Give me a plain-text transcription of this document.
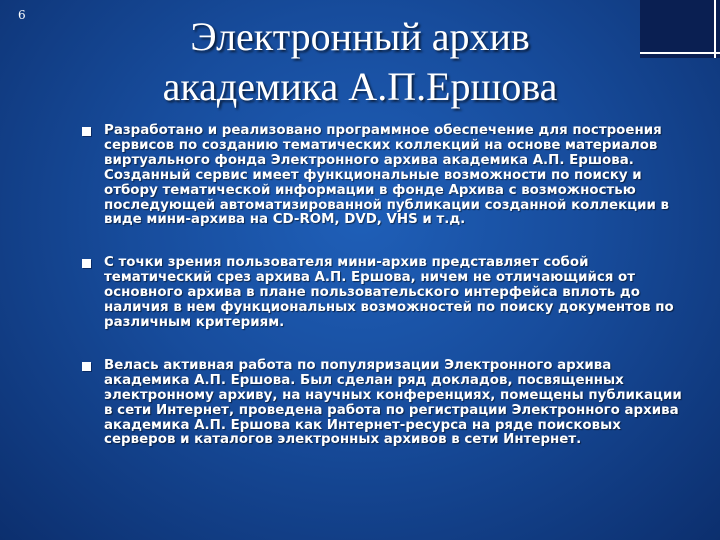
6	Электронный архив
академика А.П.Ершова
Разработано и реализовано программное обеспечение для построения сервисов по созданию тематических коллекций на основе материалов виртуального фонда Электронного архива академика А.П. Ершова. Созданный сервис имеет функциональные возможности по поиску и отбору тематической информации в фонде Архива с возможностью последующей автоматизированной публикации созданной коллекции в виде мини-архива на CD-ROM, DVD, VHS и т.д.
С точки зрения пользователя мини-архив представляет собой тематический срез архива А.П. Ершова, ничем не отличающийся от основного архива в плане пользовательского интерфейса вплоть до наличия в нем функциональных возможностей по поиску документов по различным критериям.
Велась активная работа по популяризации Электронного архива академика А.П. Ершова. Был сделан ряд докладов, посвященных электронному архиву, на научных конференциях, помещены публикации в сети Интернет, проведена работа по регистрации Электронного архива академика А.П. Ершова как Интернет-ресурса на ряде поисковых серверов и каталогов электронных архивов в сети Интернет.
